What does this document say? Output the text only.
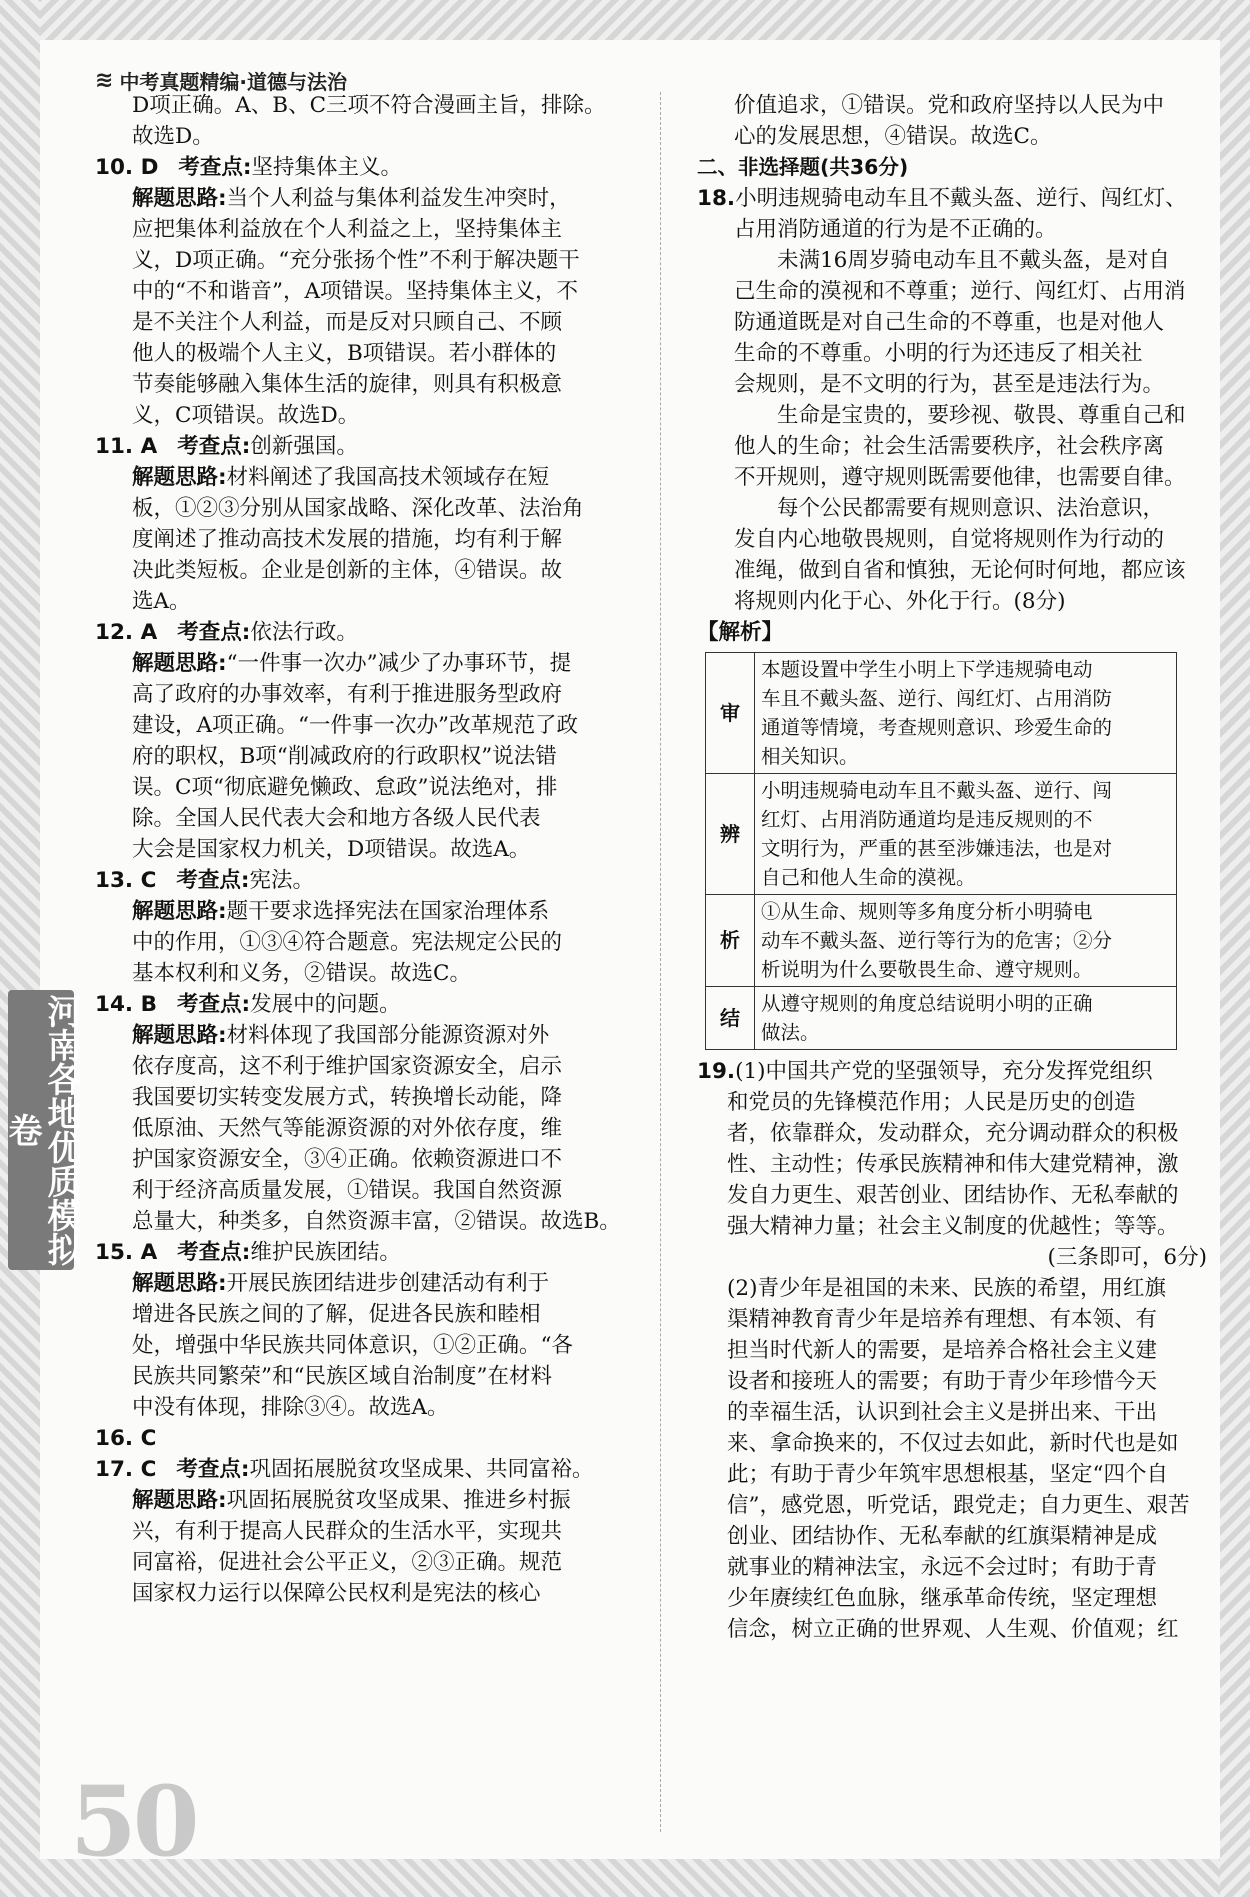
≋ 中考真题精编·道德与法治

D项正确。A、B、C三项不符合漫画主旨，排除。

故选D。

10. D 考查点:坚持集体主义。

解题思路:当个人利益与集体利益发生冲突时，

应把集体利益放在个人利益之上，坚持集体主

义，D项正确。“充分张扬个性”不利于解决题干

中的“不和谐音”，A项错误。坚持集体主义，不

是不关注个人利益，而是反对只顾自己、不顾

他人的极端个人主义，B项错误。若小群体的

节奏能够融入集体生活的旋律，则具有积极意

义，C项错误。故选D。

11. A 考查点:创新强国。

解题思路:材料阐述了我国高技术领域存在短

板，①②③分别从国家战略、深化改革、法治角

度阐述了推动高技术发展的措施，均有利于解

决此类短板。企业是创新的主体，④错误。故

选A。

12. A 考查点:依法行政。

解题思路:“一件事一次办”减少了办事环节，提

高了政府的办事效率，有利于推进服务型政府

建设，A项正确。“一件事一次办”改革规范了政

府的职权，B项“削减政府的行政职权”说法错

误。C项“彻底避免懒政、怠政”说法绝对，排

除。全国人民代表大会和地方各级人民代表

大会是国家权力机关，D项错误。故选A。

13. C 考查点:宪法。

解题思路:题干要求选择宪法在国家治理体系

中的作用，①③④符合题意。宪法规定公民的

基本权利和义务，②错误。故选C。

14. B 考查点:发展中的问题。

解题思路:材料体现了我国部分能源资源对外

依存度高，这不利于维护国家资源安全，启示

我国要切实转变发展方式，转换增长动能，降

低原油、天然气等能源资源的对外依存度，维

护国家资源安全，③④正确。依赖资源进口不

利于经济高质量发展，①错误。我国自然资源

总量大，种类多，自然资源丰富，②错误。故选B。

15. A 考查点:维护民族团结。

解题思路:开展民族团结进步创建活动有利于

增进各民族之间的了解，促进各民族和睦相

处，增强中华民族共同体意识，①②正确。“各

民族共同繁荣”和“民族区域自治制度”在材料

中没有体现，排除③④。故选A。

16. C

17. C 考查点:巩固拓展脱贫攻坚成果、共同富裕。

解题思路:巩固拓展脱贫攻坚成果、推进乡村振

兴，有利于提高人民群众的生活水平，实现共

同富裕，促进社会公平正义，②③正确。规范

国家权力运行以保障公民权利是宪法的核心

价值追求，①错误。党和政府坚持以人民为中

心的发展思想，④错误。故选C。

二、非选择题(共36分)

18.小明违规骑电动车且不戴头盔、逆行、闯红灯、

占用消防通道的行为是不正确的。

未满16周岁骑电动车且不戴头盔，是对自

己生命的漠视和不尊重；逆行、闯红灯、占用消

防通道既是对自己生命的不尊重，也是对他人

生命的不尊重。小明的行为还违反了相关社

会规则，是不文明的行为，甚至是违法行为。

生命是宝贵的，要珍视、敬畏、尊重自己和

他人的生命；社会生活需要秩序，社会秩序离

不开规则，遵守规则既需要他律，也需要自律。

每个公民都需要有规则意识、法治意识，

发自内心地敬畏规则，自觉将规则作为行动的

准绳，做到自省和慎独，无论何时何地，都应该

将规则内化于心、外化于行。(8分)

【解析】

审	本题设置中学生小明上下学违规骑电动
车且不戴头盔、逆行、闯红灯、占用消防
通道等情境，考查规则意识、珍爱生命的
相关知识。

辨	小明违规骑电动车且不戴头盔、逆行、闯
红灯、占用消防通道均是违反规则的不
文明行为，严重的甚至涉嫌违法，也是对
自己和他人生命的漠视。

析	①从生命、规则等多角度分析小明骑电
动车不戴头盔、逆行等行为的危害；②分
析说明为什么要敬畏生命、遵守规则。

结	从遵守规则的角度总结说明小明的正确
做法。

19.(1)中国共产党的坚强领导，充分发挥党组织

和党员的先锋模范作用；人民是历史的创造

者，依靠群众，发动群众，充分调动群众的积极

性、主动性；传承民族精神和伟大建党精神，激

发自力更生、艰苦创业、团结协作、无私奉献的

强大精神力量；社会主义制度的优越性；等等。

(三条即可，6分)

(2)青少年是祖国的未来、民族的希望，用红旗

渠精神教育青少年是培养有理想、有本领、有

担当时代新人的需要，是培养合格社会主义建

设者和接班人的需要；有助于青少年珍惜今天

的幸福生活，认识到社会主义是拼出来、干出

来、拿命换来的，不仅过去如此，新时代也是如

此；有助于青少年筑牢思想根基，坚定“四个自

信”，感党恩，听党话，跟党走；自力更生、艰苦

创业、团结协作、无私奉献的红旗渠精神是成

就事业的精神法宝，永远不会过时；有助于青

少年赓续红色血脉，继承革命传统，坚定理想

信念，树立正确的世界观、人生观、价值观；红

河南各地优质模拟卷
50
